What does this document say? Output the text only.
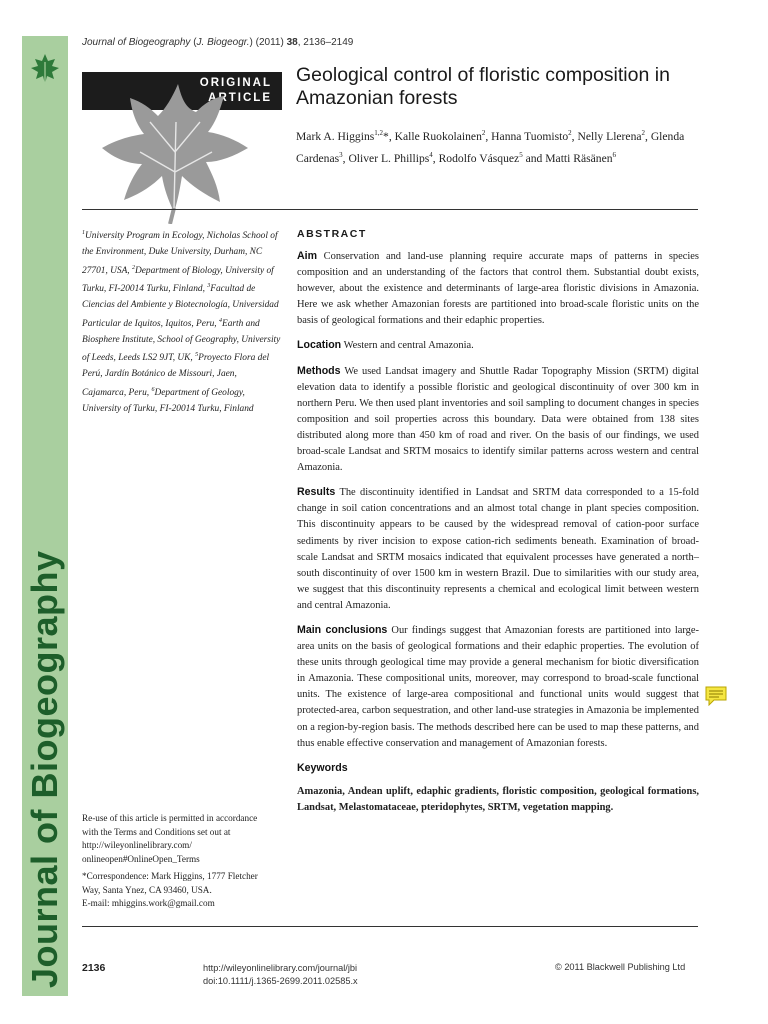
Journal of Biogeography
Journal of Biogeography (J. Biogeogr.) (2011) 38, 2136–2149
ORIGINAL
ARTICLE
Geological control of floristic composition in Amazonian forests
Mark A. Higgins$^{1,2}$*, Kalle Ruokolainen$^2$, Hanna Tuomisto$^2$, Nelly Llerena$^2$, Glenda Cardenas$^3$, Oliver L. Phillips$^4$, Rodolfo Vásquez$^5$ and Matti Räsänen$^6$
$^1$University Program in Ecology, Nicholas School of the Environment, Duke University, Durham, NC 27701, USA, $^2$Department of Biology, University of Turku, FI-20014 Turku, Finland, $^3$Facultad de Ciencias del Ambiente y Biotecnología, Universidad Particular de Iquitos, Iquitos, Peru, $^4$Earth and Biosphere Institute, School of Geography, University of Leeds, Leeds LS2 9JT, UK, $^5$Proyecto Flora del Perú, Jardín Botánico de Missouri, Jaen, Cajamarca, Peru, $^6$Department of Geology, University of Turku, FI-20014 Turku, Finland
Re-use of this article is permitted in accordance
with the Terms and Conditions set out at
http://wileyonlinelibrary.com/
onlineopen#OnlineOpen_Terms
*Correspondence: Mark Higgins, 1777 Fletcher
Way, Santa Ynez, CA 93460, USA.
E-mail: mhiggins.work@gmail.com
ABSTRACT

Aim Conservation and land-use planning require accurate maps of patterns in species composition and an understanding of the factors that control them. Substantial doubt exists, however, about the existence and determinants of large-area floristic divisions in Amazonia. Here we ask whether Amazonian forests are partitioned into broad-scale floristic units on the basis of geological formations and their edaphic properties.

Location Western and central Amazonia.

Methods We used Landsat imagery and Shuttle Radar Topography Mission (SRTM) digital elevation data to identify a possible floristic and geological discontinuity of over 300 km in northern Peru. We then used plant inventories and soil sampling to document changes in species composition and soil properties across this boundary. Data were obtained from 138 sites distributed along more than 450 km of road and river. On the basis of our findings, we used broad-scale Landsat and SRTM mosaics to identify similar patterns across western and central Amazonia.

Results The discontinuity identified in Landsat and SRTM data corresponded to a 15-fold change in soil cation concentrations and an almost total change in plant species composition. This discontinuity appears to be caused by the widespread removal of cation-poor surface sediments by river incision to expose cation-rich sediments beneath. Examination of broad-scale Landsat and SRTM mosaics indicated that equivalent processes have generated a north–south discontinuity of over 1500 km in western Brazil. Due to similarities with our study area, we suggest that this discontinuity represents a chemical and ecological limit between western and central Amazonia.

Main conclusions Our findings suggest that Amazonian forests are partitioned into large-area units on the basis of geological formations and their edaphic properties. The evolution of these units through geological time may provide a general mechanism for biotic diversification in Amazonia. These compositional units, moreover, may correspond to broad-scale functional units. The existence of large-area compositional and functional units would suggest that protected-area, carbon sequestration, and other land-use strategies in Amazonia be implemented on a region-by-region basis. The methods described here can be used to map these patterns, and thus enable effective conservation and management of Amazonian forests.

Keywords

Amazonia, Andean uplift, edaphic gradients, floristic composition, geological formations, Landsat, Melastomataceae, pteridophytes, SRTM, vegetation mapping.

2136	http://wileyonlinelibrary.com/journal/jbi
doi:10.1111/j.1365-2699.2011.02585.x
© 2011 Blackwell Publishing Ltd
